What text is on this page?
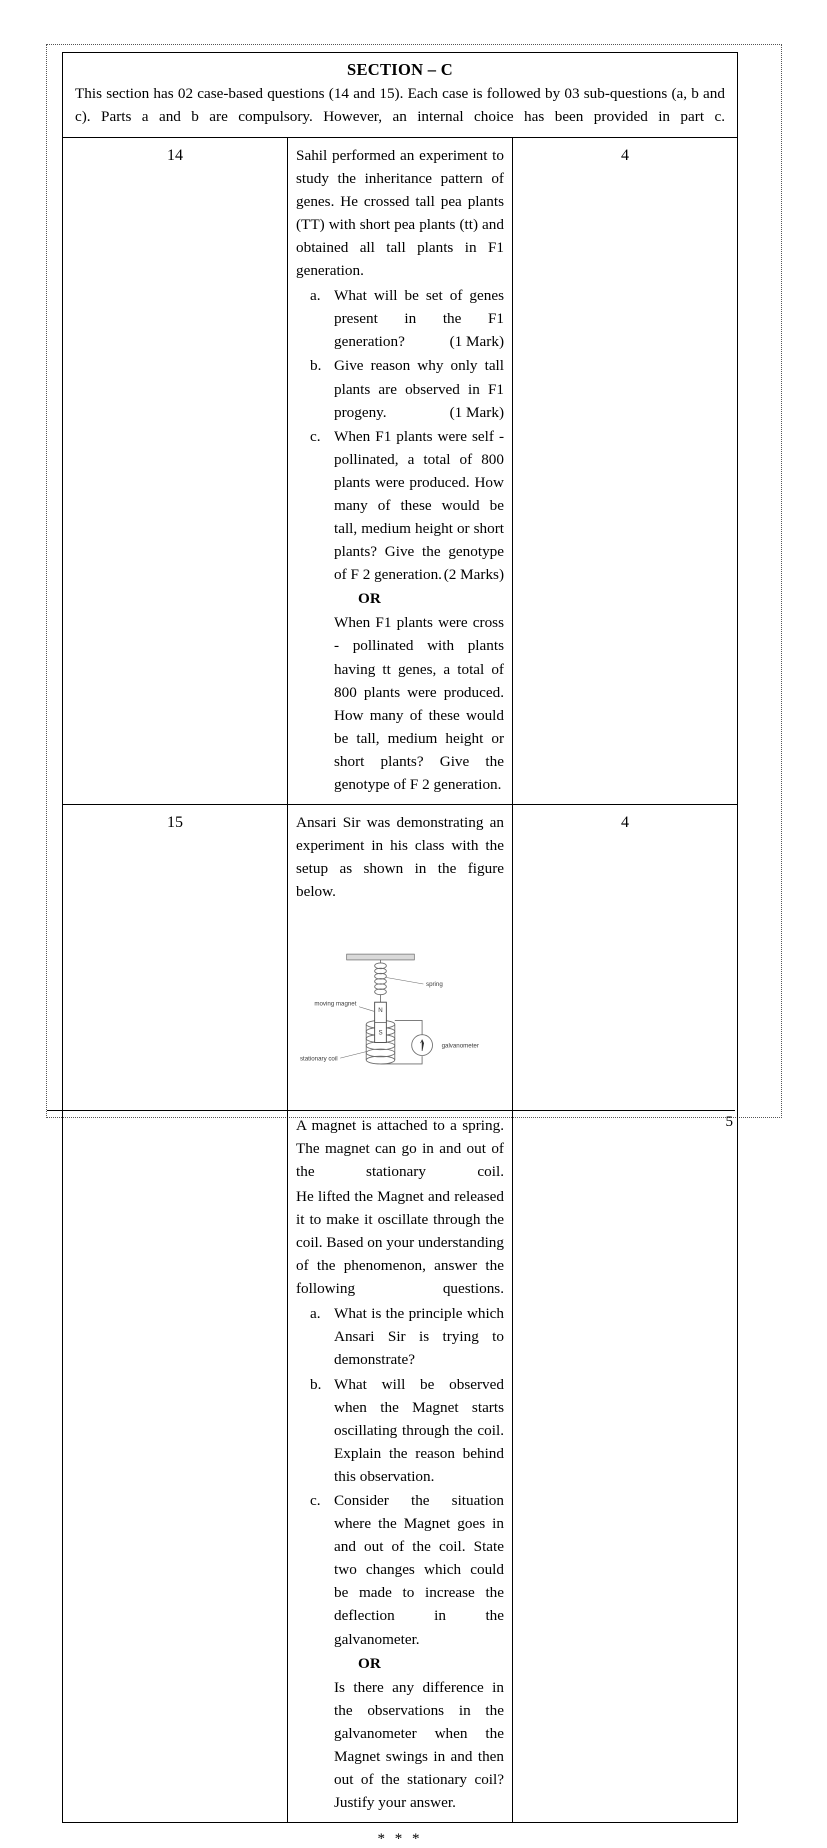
SECTION – C
This section has 02 case-based questions (14 and 15). Each case is followed by 03 sub-questions (a, b and c). Parts a and b are compulsory. However, an internal choice has been provided in part c.		

14	Sahil performed an experiment to study the inheritance pattern of genes. He crossed tall pea plants (TT) with short pea plants (tt) and obtained all tall plants in F1 generation.

a. What will be set of genes present in the F1 generation?	(1 Mark)
b. Give reason why only tall plants are observed in F1 progeny.	(1 Mark)
c. When F1 plants were self - pollinated, a total of 800 plants were produced. How many of these would be tall, medium height or short plants? Give the genotype of F 2 generation. (2 Marks)
OR

When F1 plants were cross - pollinated with plants having tt genes, a total of 800 plants were produced. How many of these would be tall, medium height or short plants? Give the genotype of F 2 generation.

	4
15	Ansari Sir was demonstrating an experiment in his class with the setup as shown in the figure below.

N
S
spring
moving magnet
stationary coil
galvanometer

A magnet is attached to a spring. The magnet can go in and out of the stationary coil.

He lifted the Magnet and released it to make it oscillate through the coil. Based on your understanding of the phenomenon, answer the following questions.

a. What is the principle which Ansari Sir is trying to demonstrate?
b. What will be observed when the Magnet starts oscillating through the coil. Explain the reason behind this observation.
c. Consider the situation where the Magnet goes in and out of the coil. State two changes which could be made to increase the deflection in the galvanometer.
OR

Is there any difference in the observations in the galvanometer when the Magnet swings in and then out of the stationary coil? Justify your answer.

	4
* * *
5
